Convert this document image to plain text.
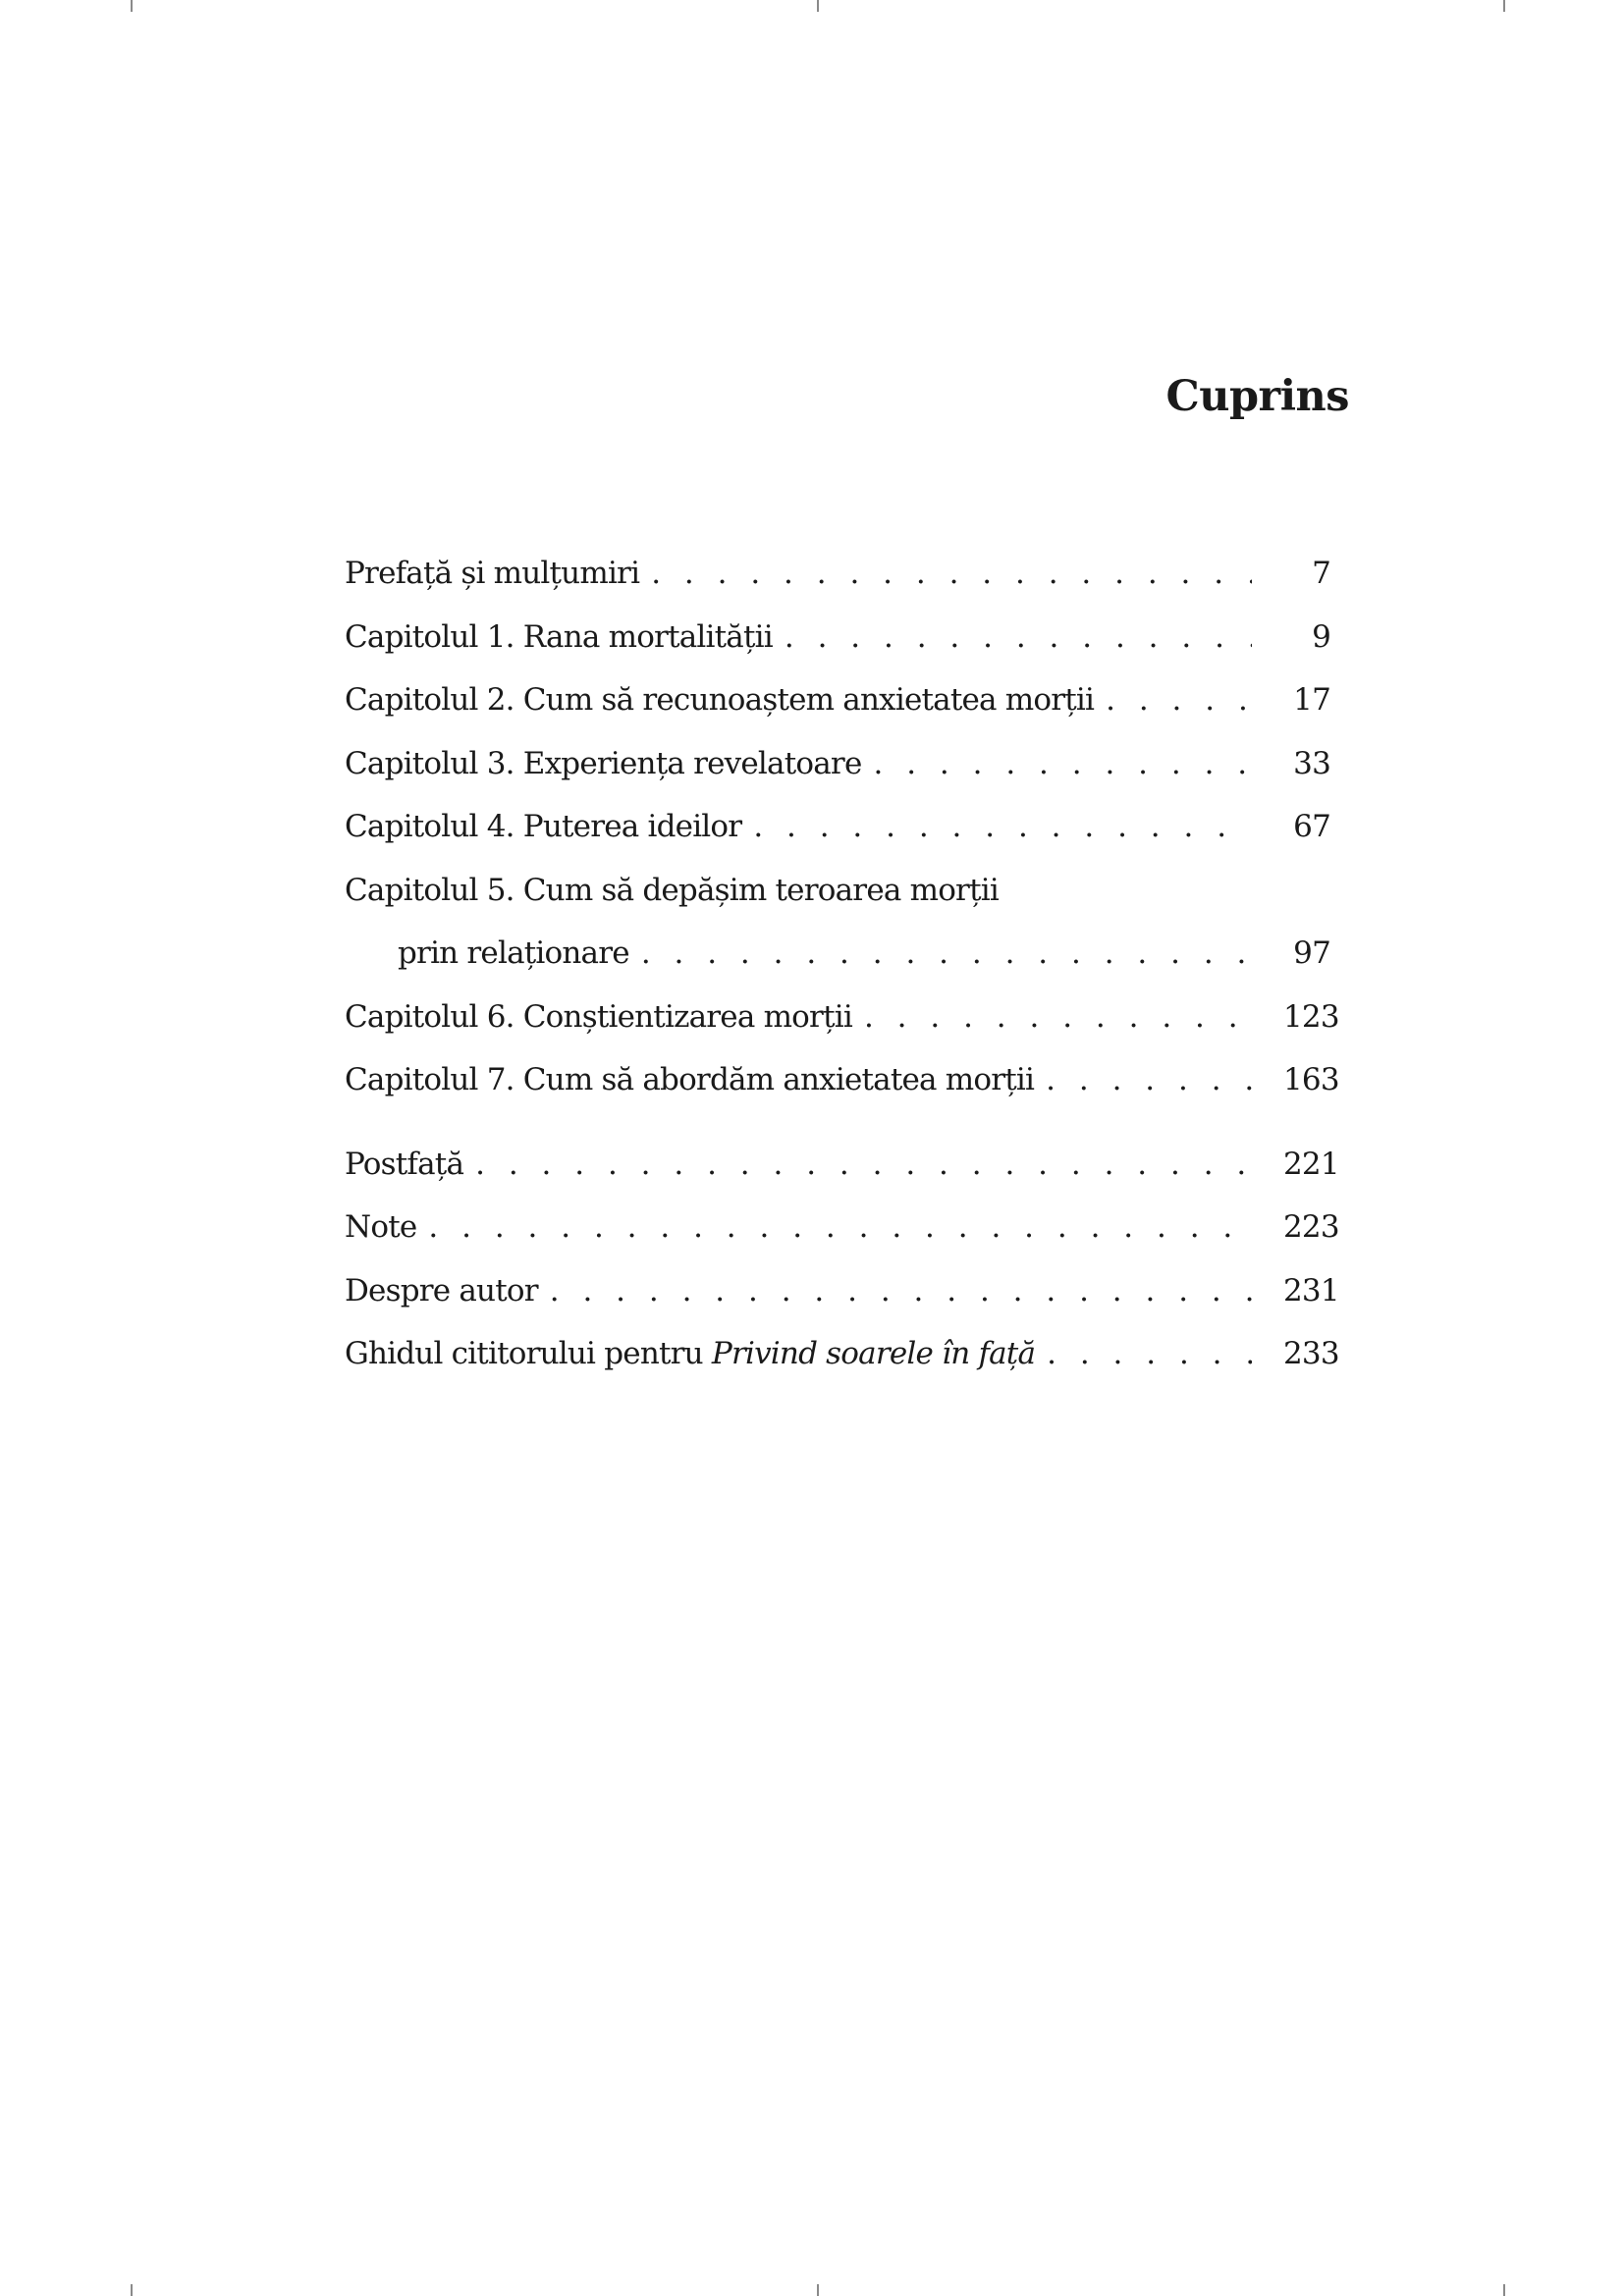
Cuprins
Prefață și mulțumiri . . .	7
Capitolul 1. Rana mortalității . . .	9
Capitolul 2. Cum să recunoaștem anxietatea morții . . .	17
Capitolul 3. Experiența revelatoare . . .	33
Capitolul 4. Puterea ideilor . . .	67
Capitolul 5. Cum să depășim teroarea morții
prin relaționare . . .	97
Capitolul 6. Conștientizarea morții . . .	123
Capitolul 7. Cum să abordăm anxietatea morții . . .	163
Postfață . . .	221
Note . . .	223
Despre autor . . .	231
Ghidul cititorului pentru Privind soarele în față . . .	233
